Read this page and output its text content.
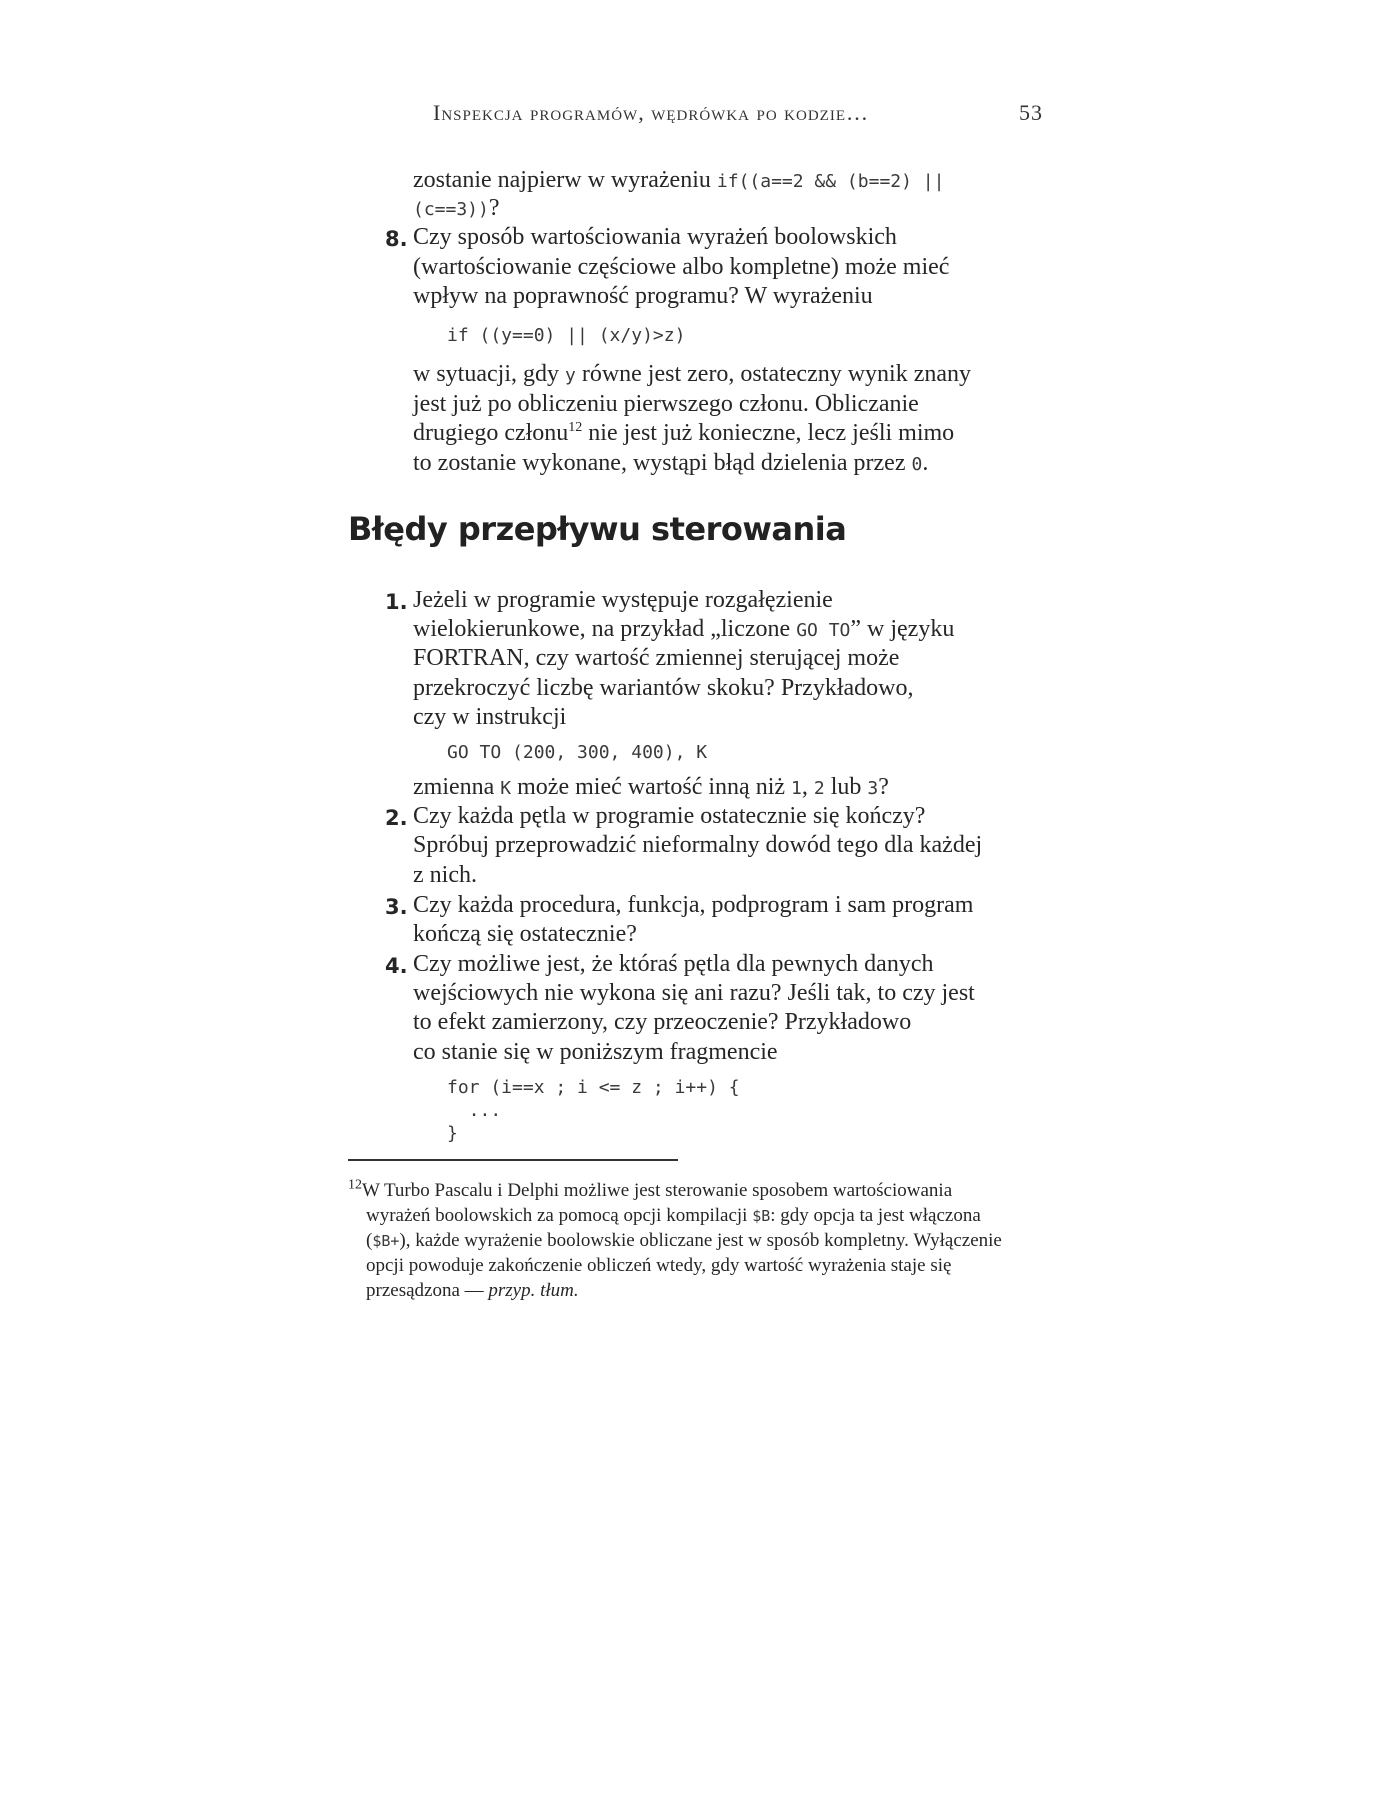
Inspekcja programów, wędrówka po kodzie…	53
zostanie najpierw w wyrażeniu if((a==2 && (b==2) ||
(c==3))?
8. Czy sposób wartościowania wyrażeń boolowskich
(wartościowanie częściowe albo kompletne) może mieć
wpływ na poprawność programu? W wyrażeniu
if ((y==0) || (x/y)>z)
w sytuacji, gdy y równe jest zero, ostateczny wynik znany
jest już po obliczeniu pierwszego członu. Obliczanie
drugiego członu$^{12}$ nie jest już konieczne, lecz jeśli mimo
to zostanie wykonane, wystąpi błąd dzielenia przez 0.
Błędy przepływu sterowania
1. Jeżeli w programie występuje rozgałęzienie
wielokierunkowe, na przykład „liczone GO TO” w języku
FORTRAN, czy wartość zmiennej sterującej może
przekroczyć liczbę wariantów skoku? Przykładowo,
czy w instrukcji
GO TO (200, 300, 400), K
zmienna K może mieć wartość inną niż 1, 2 lub 3?
2. Czy każda pętla w programie ostatecznie się kończy?
Spróbuj przeprowadzić nieformalny dowód tego dla każdej
z nich.
3. Czy każda procedura, funkcja, podprogram i sam program
kończą się ostatecznie?
4. Czy możliwe jest, że któraś pętla dla pewnych danych
wejściowych nie wykona się ani razu? Jeśli tak, to czy jest
to efekt zamierzony, czy przeoczenie? Przykładowo
co stanie się w poniższym fragmencie
for (i==x ; i <= z ; i++) {
...
}
$^{12}$W Turbo Pascalu i Delphi możliwe jest sterowanie sposobem wartościowania
wyrażeń boolowskich za pomocą opcji kompilacji $B: gdy opcja ta jest włączona
($B+), każde wyrażenie boolowskie obliczane jest w sposób kompletny. Wyłączenie
opcji powoduje zakończenie obliczeń wtedy, gdy wartość wyrażenia staje się
przesądzona — przyp. tłum.
